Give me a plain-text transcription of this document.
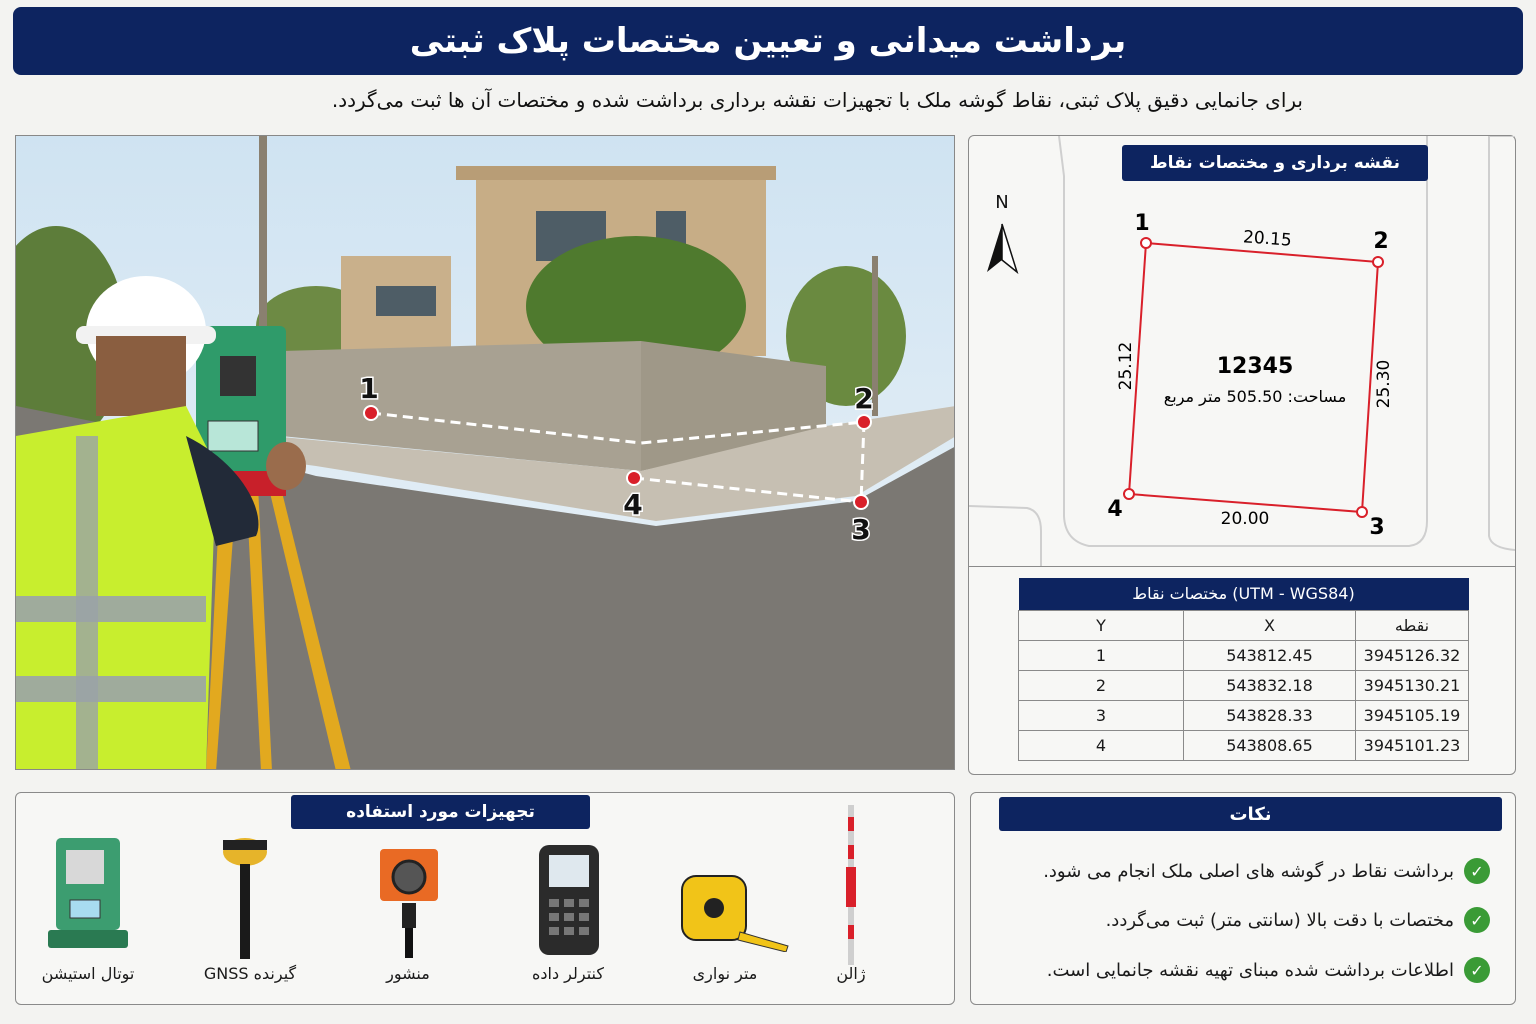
برداشت میدانی و تعیین مختصات پلاک ثبتی
برای جانمایی دقیق پلاک ثبتی، نقاط گوشه ملک با تجهیزات نقشه برداری برداشت شده و مختصات آن ها ثبت می‌گردد.
1	2
3
4
N
1
2
3
4
20.15
20.00
25.30
25.12	12345
مساحت: 505.50 متر مربع
نقشه برداری و مختصات نقاط
مختصات نقاط (UTM - WGS84)		
Y	X	نقطه
1	543812.45	3945126.32
2	543832.18	3945130.21
3	543828.33	3945105.19
4	543808.65	3945101.23
تجهیزات مورد استفاده
توتال استیشن	گیرنده GNSS	منشور	کنترلر داده	متر نواری	ژالن
نکات
✓
برداشت نقاط در گوشه های اصلی ملک انجام می شود.
✓
مختصات با دقت بالا (سانتی متر) ثبت می‌گردد.
✓
اطلاعات برداشت شده مبنای تهیه نقشه جانمایی است.
